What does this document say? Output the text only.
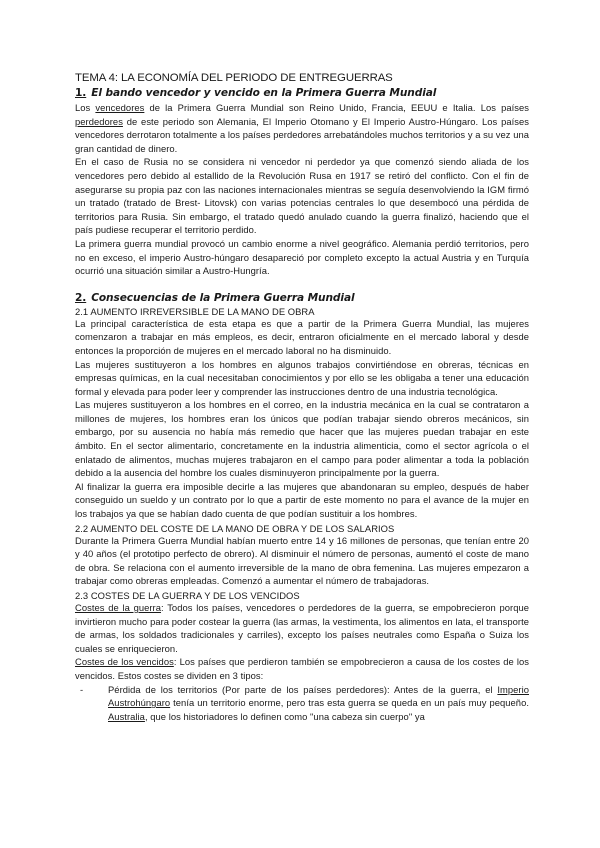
TEMA 4: LA ECONOMÍA DEL PERIODO DE ENTREGUERRAS
1. El bando vencedor y vencido en la Primera Guerra Mundial

Los vencedores de la Primera Guerra Mundial son Reino Unido, Francia, EEUU e Italia. Los países perdedores de este periodo son Alemania, El Imperio Otomano y El Imperio Austro-Húngaro. Los países vencedores derrotaron totalmente a los países perdedores arrebatándoles muchos territorios y a su vez una gran cantidad de dinero.

En el caso de Rusia no se considera ni vencedor ni perdedor ya que comenzó siendo aliada de los vencedores pero debido al estallido de la Revolución Rusa en 1917 se retiró del conflicto. Con el fin de asegurarse su propia paz con las naciones internacionales mientras se seguía desenvolviendo la IGM firmó un tratado (tratado de Brest- Litovsk) con varias potencias centrales lo que desembocó una pérdida de territorios para Rusia. Sin embargo, el tratado quedó anulado cuando la guerra finalizó, haciendo que el país pudiese recuperar el territorio perdido.

La primera guerra mundial provocó un cambio enorme a nivel geográfico. Alemania perdió territorios, pero no en exceso, el imperio Austro-húngaro desapareció por completo excepto la actual Austria y en Turquía ocurrió una situación similar a Austro-Hungría.

2. Consecuencias de la Primera Guerra Mundial
2.1 AUMENTO IRREVERSIBLE DE LA MANO DE OBRA

La principal característica de esta etapa es que a partir de la Primera Guerra Mundial, las mujeres comenzaron a trabajar en más empleos, es decir, entraron oficialmente en el mercado laboral y desde entonces la proporción de mujeres en el mercado laboral no ha disminuido.

Las mujeres sustituyeron a los hombres en algunos trabajos convirtiéndose en obreras, técnicas en empresas químicas, en la cual necesitaban conocimientos y por ello se les obligaba a tener una educación formal y elevada para poder leer y comprender las instrucciones dentro de una industria tecnológica.

Las mujeres sustituyeron a los hombres en el correo, en la industria mecánica en la cual se contrataron a millones de mujeres, los hombres eran los únicos que podían trabajar siendo obreros mecánicos, sin embargo, por su ausencia no había más remedio que hacer que las mujeres puedan trabajar en este ámbito. En el sector alimentario, concretamente en la industria alimenticia, como el sector agrícola o el enlatado de alimentos, muchas mujeres trabajaron en el campo para poder alimentar a toda la población debido a la ausencia del hombre los cuales disminuyeron principalmente por la guerra.

Al finalizar la guerra era imposible decirle a las mujeres que abandonaran su empleo, después de haber conseguido un sueldo y un contrato por lo que a partir de este momento no para el avance de la mujer en los trabajos ya que se habían dado cuenta de que podían sustituir a los hombres.

2.2 AUMENTO DEL COSTE DE LA MANO DE OBRA Y DE LOS SALARIOS

Durante la Primera Guerra Mundial habían muerto entre 14 y 16 millones de personas, que tenían entre 20 y 40 años (el prototipo perfecto de obrero). Al disminuir el número de personas, aumentó el coste de mano de obra. Se relaciona con el aumento irreversible de la mano de obra femenina. Las mujeres empezaron a trabajar como obreras empleadas. Comenzó a aumentar el número de trabajadoras.

2.3 COSTES DE LA GUERRA Y DE LOS VENCIDOS

Costes de la guerra: Todos los países, vencedores o perdedores de la guerra, se empobrecieron porque invirtieron mucho para poder costear la guerra (las armas, la vestimenta, los alimentos en lata, el transporte de armas, los soldados tradicionales y carriles), excepto los países neutrales como España o Suiza los cuales se enriquecieron.

Costes de los vencidos: Los países que perdieron también se empobrecieron a causa de los costes de los vencidos. Estos costes se dividen en 3 tipos:

-	Pérdida de los territorios (Por parte de los países perdedores): Antes de la guerra, el Imperio Austrohúngaro tenía un territorio enorme, pero tras esta guerra se queda en un país muy pequeño. Australia, que los historiadores lo definen como "una cabeza sin cuerpo" ya
